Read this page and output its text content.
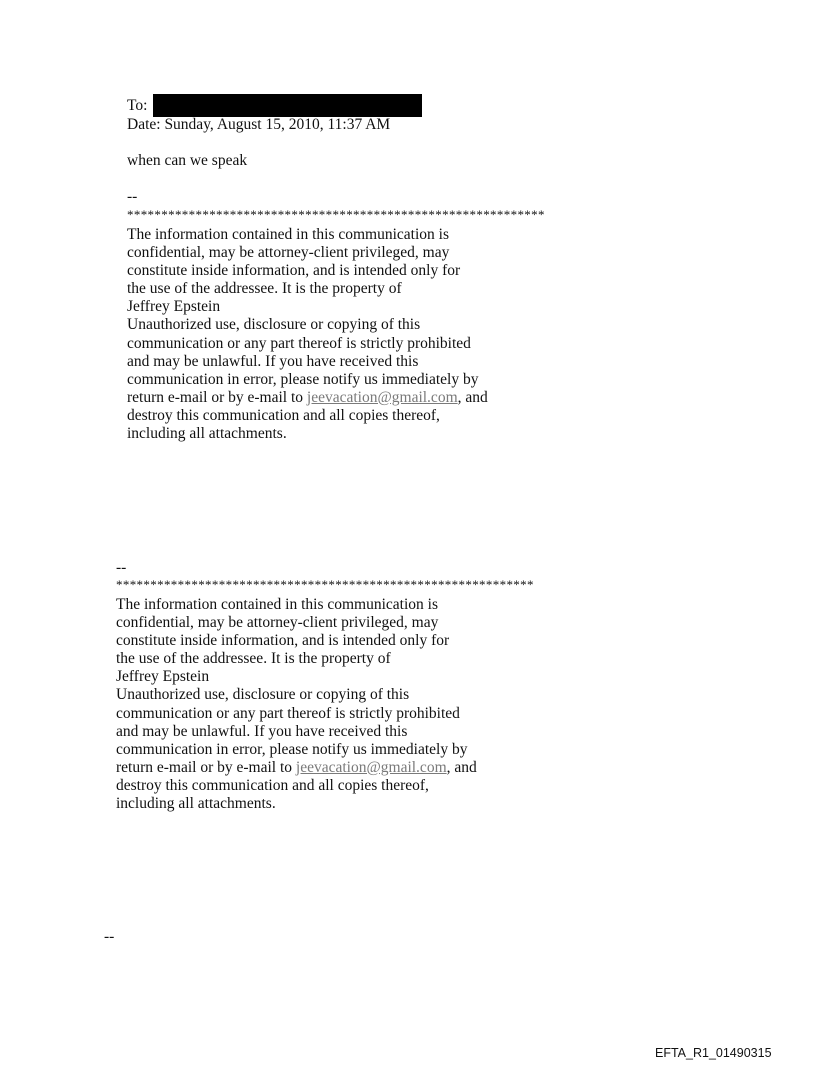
To:
Date: Sunday, August 15, 2010, 11:37 AM
when can we speak
--
*************************************************************
The information contained in this communication is
confidential, may be attorney-client privileged, may
constitute inside information, and is intended only for
the use of the addressee. It is the property of
Jeffrey Epstein
Unauthorized use, disclosure or copying of this
communication or any part thereof is strictly prohibited
and may be unlawful. If you have received this
communication in error, please notify us immediately by
return e-mail or by e-mail to jeevacation@gmail.com, and
destroy this communication and all copies thereof,
including all attachments.
--
*************************************************************
The information contained in this communication is
confidential, may be attorney-client privileged, may
constitute inside information, and is intended only for
the use of the addressee. It is the property of
Jeffrey Epstein
Unauthorized use, disclosure or copying of this
communication or any part thereof is strictly prohibited
and may be unlawful. If you have received this
communication in error, please notify us immediately by
return e-mail or by e-mail to jeevacation@gmail.com, and
destroy this communication and all copies thereof,
including all attachments.
--
EFTA_R1_01490315
